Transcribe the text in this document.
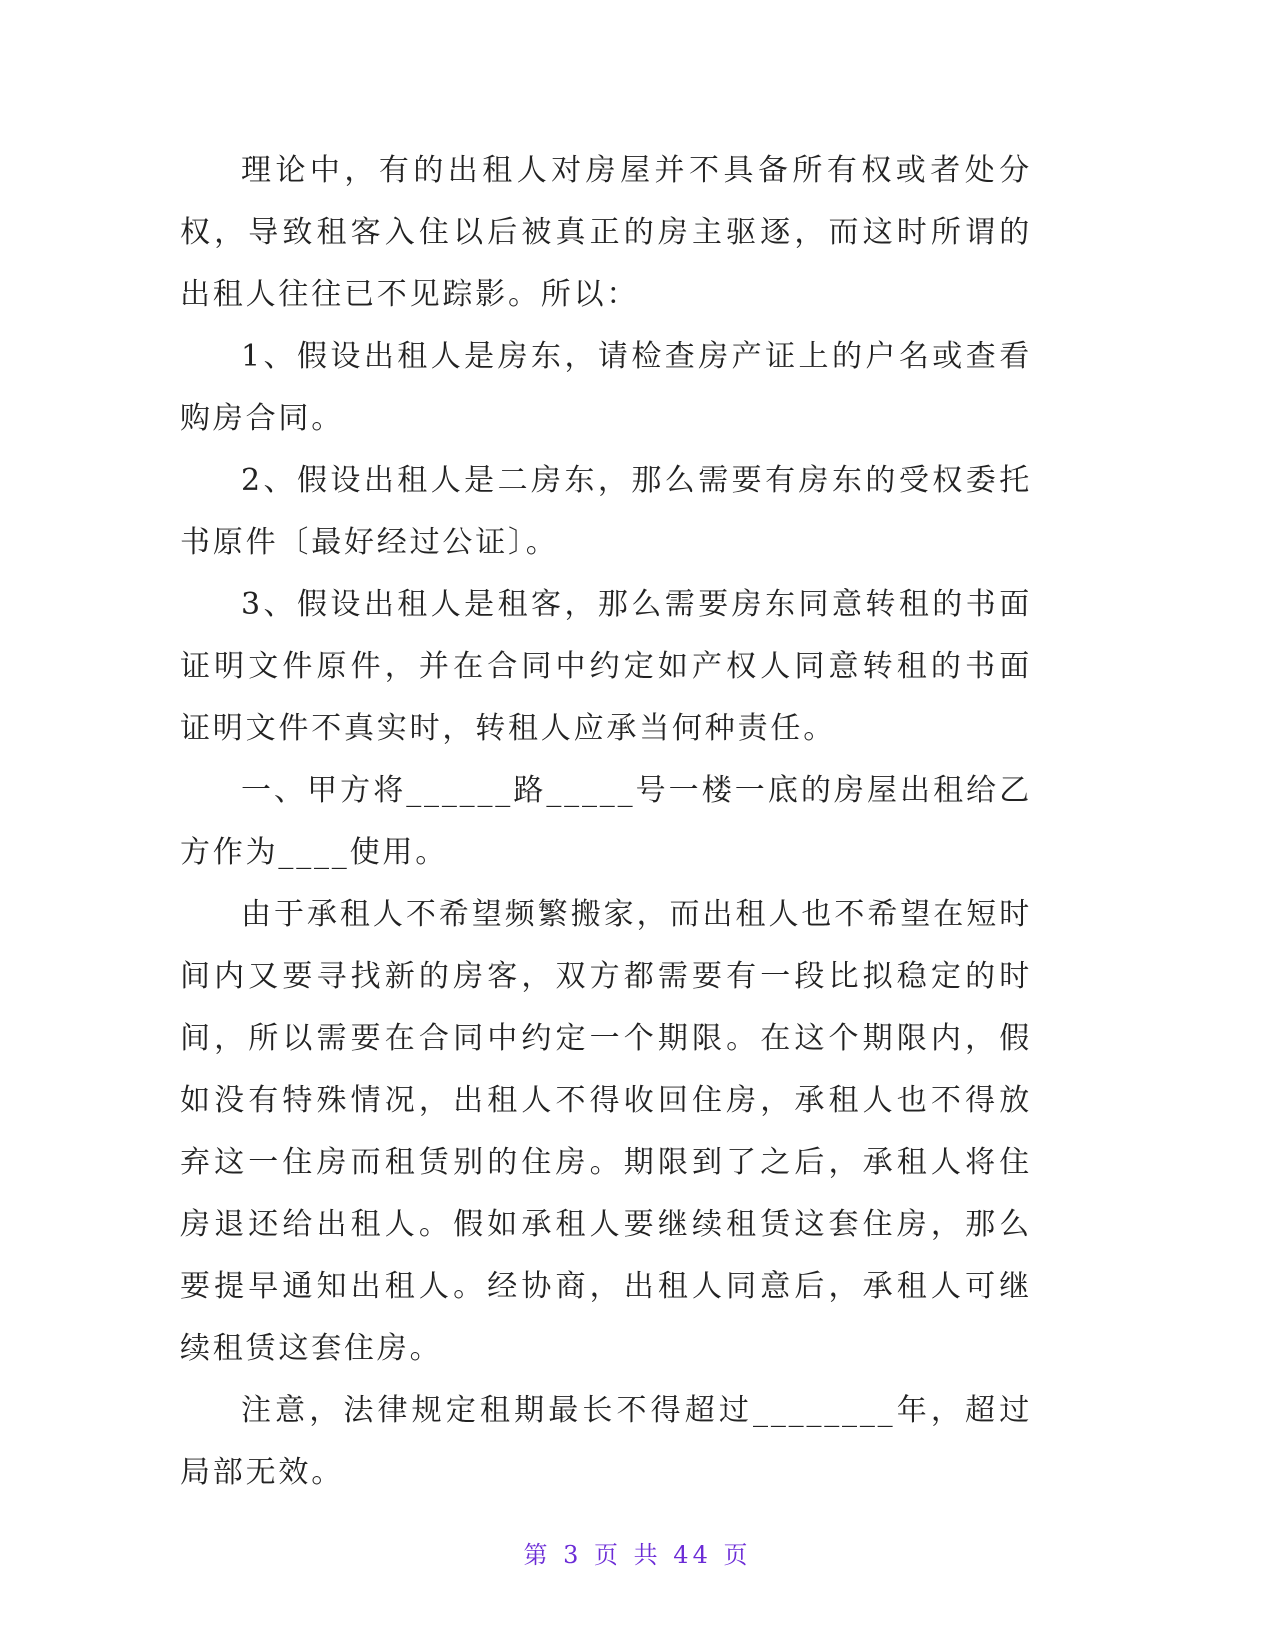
理论中，有的出租人对房屋并不具备所有权或者处分权，导致租客入住以后被真正的房主驱逐，而这时所谓的出租人往往已不见踪影。所以：

1、假设出租人是房东，请检查房产证上的户名或查看购房合同。

2、假设出租人是二房东，那么需要有房东的受权委托书原件〔最好经过公证〕。

3、假设出租人是租客，那么需要房东同意转租的书面证明文件原件，并在合同中约定如产权人同意转租的书面证明文件不真实时，转租人应承当何种责任。

一、甲方将______路_____号一楼一底的房屋出租给乙方作为____使用。

由于承租人不希望频繁搬家，而出租人也不希望在短时间内又要寻找新的房客，双方都需要有一段比拟稳定的时间，所以需要在合同中约定一个期限。在这个期限内，假如没有特殊情况，出租人不得收回住房，承租人也不得放弃这一住房而租赁别的住房。期限到了之后，承租人将住房退还给出租人。假如承租人要继续租赁这套住房，那么要提早通知出租人。经协商，出租人同意后，承租人可继续租赁这套住房。

注意，法律规定租期最长不得超过________年，超过局部无效。

第 3 页 共 44 页
